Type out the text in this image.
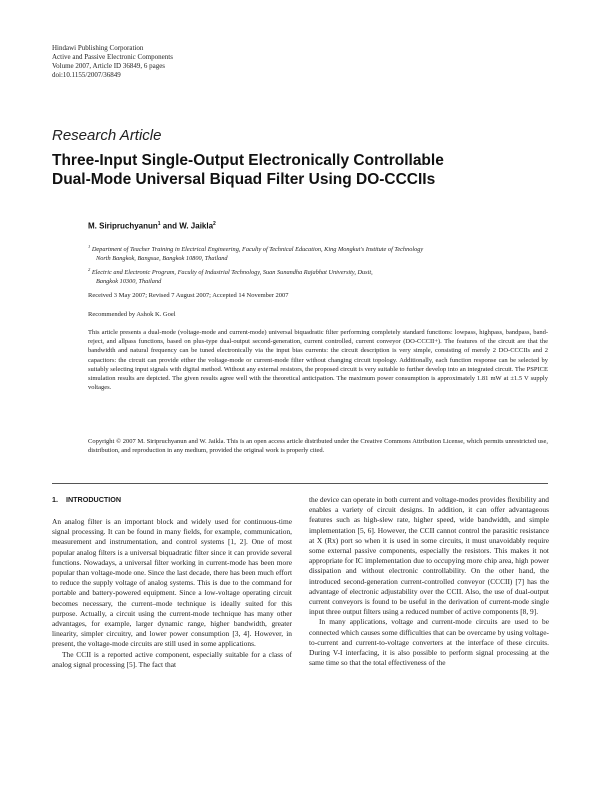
Hindawi Publishing Corporation
Active and Passive Electronic Components
Volume 2007, Article ID 36849, 6 pages
doi:10.1155/2007/36849
Research Article
Three-Input Single-Output Electronically Controllable
Dual-Mode Universal Biquad Filter Using DO-CCCIIs
M. Siripruchyanun$^1$ and W. Jaikla$^2$
$^1$ Department of Teacher Training in Electrical Engineering, Faculty of Technical Education, King Mongkut's Institute of Technology
North Bangkok, Bangsue, Bangkok 10800, Thailand
$^2$ Electric and Electronic Program, Faculty of Industrial Technology, Suan Sunandha Rajabhat University, Dusit,
Bangkok 10300, Thailand
Received 3 May 2007; Revised 7 August 2007; Accepted 14 November 2007
Recommended by Ashok K. Goel
This article presents a dual-mode (voltage-mode and current-mode) universal biquadratic filter performing completely standard functions: lowpass, highpass, bandpass, band-reject, and allpass functions, based on plus-type dual-output second-generation, current controlled, current conveyor (DO-CCCII+). The features of the circuit are that the bandwidth and natural frequency can be tuned electronically via the input bias currents: the circuit description is very simple, consisting of merely 2 DO-CCCIIs and 2 capacitors: the circuit can provide either the voltage-mode or current-mode filter without changing circuit topology. Additionally, each function response can be selected by suitably selecting input signals with digital method. Without any external resistors, the proposed circuit is very suitable to further develop into an integrated circuit. The PSPICE simulation results are depicted. The given results agree well with the theoretical anticipation. The maximum power consumption is approximately 1.81 mW at ±1.5 V supply voltages.
Copyright © 2007 M. Siripruchyanun and W. Jaikla. This is an open access article distributed under the Creative Commons Attribution License, which permits unrestricted use, distribution, and reproduction in any medium, provided the original work is properly cited.
1.    INTRODUCTION

An analog filter is an important block and widely used for continuous-time signal processing. It can be found in many fields, for example, communication, measurement and instrumentation, and control systems [1, 2]. One of most popular analog filters is a universal biquadratic filter since it can provide several functions. Nowadays, a universal filter working in current-mode has been more popular than voltage-mode one. Since the last decade, there has been much effort to reduce the supply voltage of analog systems. This is due to the command for portable and battery-powered equipment. Since a low-voltage operating circuit becomes necessary, the current–mode technique is ideally suited for this purpose. Actually, a circuit using the current-mode technique has many other advantages, for example, larger dynamic range, higher bandwidth, greater linearity, simpler circuitry, and lower power consumption [3, 4]. However, in present, the voltage-mode circuits are still used in some applications.

The CCII is a reported active component, especially suitable for a class of analog signal processing [5]. The fact that

the device can operate in both current and voltage-modes provides flexibility and enables a variety of circuit designs. In addition, it can offer advantageous features such as high-slew rate, higher speed, wide bandwidth, and simple implementation [5, 6]. However, the CCII cannot control the parasitic resistance at X (Rx) port so when it is used in some circuits, it must unavoidably require some external passive components, especially the resistors. This makes it not appropriate for IC implementation due to occupying more chip area, high power dissipation and without electronic controllability. On the other hand, the introduced second-generation current-controlled conveyor (CCCII) [7] has the advantage of electronic adjustability over the CCII. Also, the use of dual-output current conveyors is found to be useful in the derivation of current-mode single input three output filters using a reduced number of active components [8, 9].

In many applications, voltage and current-mode circuits are used to be connected which causes some difficulties that can be overcame by using voltage-to-current and current-to-voltage converters at the interface of these circuits. During V-I interfacing, it is also possible to perform signal processing at the same time so that the total effectiveness of the
